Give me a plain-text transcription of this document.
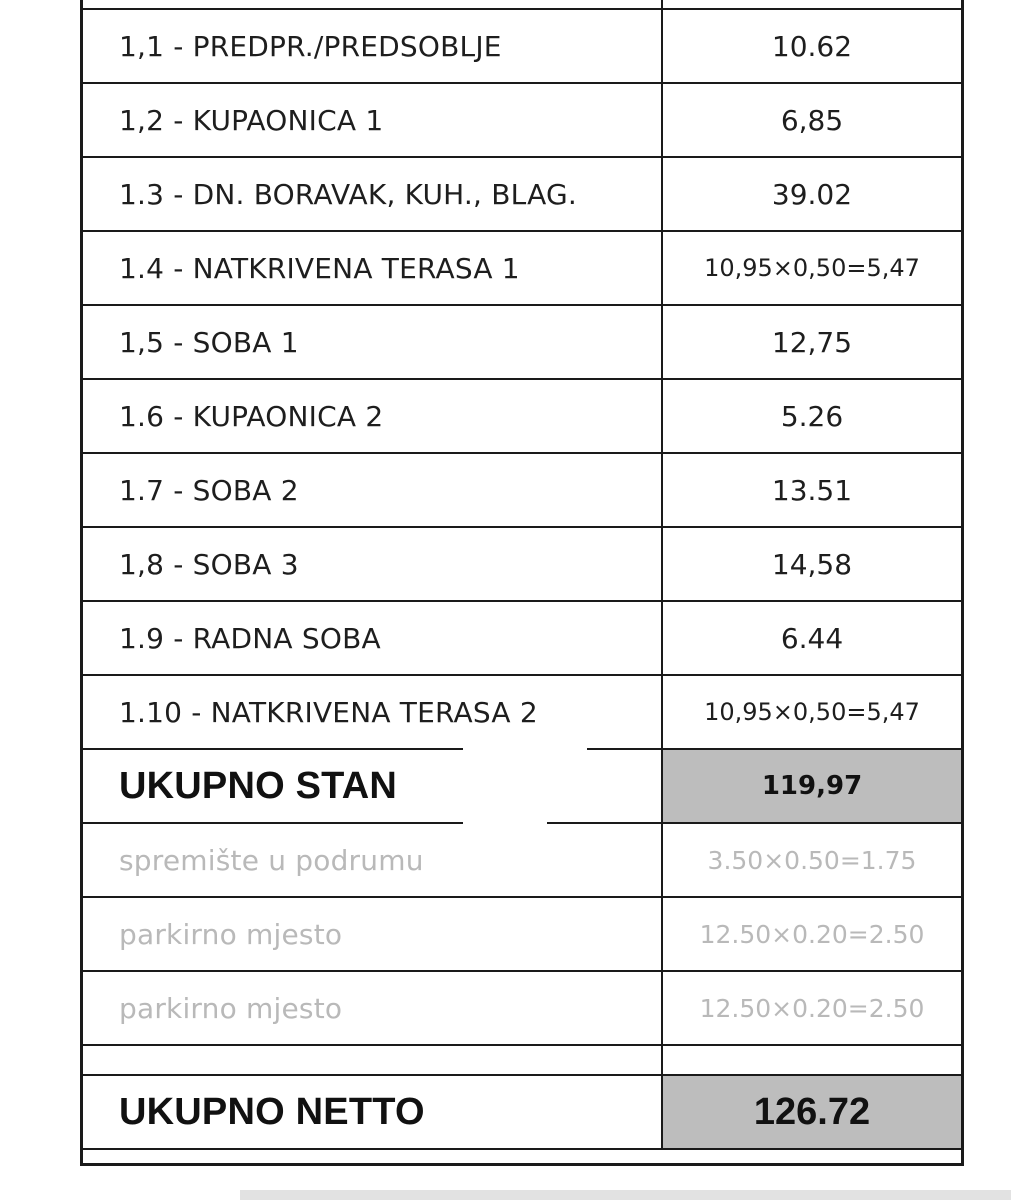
1,1 - PREDPR./PREDSOBLJE	10.62
1,2 - KUPAONICA 1	6,85
1.3 - DN. BORAVAK, KUH., BLAG.	39.02
1.4 - NATKRIVENA TERASA 1	10,95×0,50=5,47
1,5 - SOBA 1	12,75
1.6 - KUPAONICA 2	5.26
1.7 - SOBA 2	13.51
1,8 - SOBA 3	14,58
1.9 - RADNA SOBA	6.44
1.10 - NATKRIVENA TERASA 2	10,95×0,50=5,47
UKUPNO STAN	119,97
spremište u podrumu	3.50×0.50=1.75
parkirno mjesto	12.50×0.20=2.50
parkirno mjesto	12.50×0.20=2.50
UKUPNO NETTO	126.72
